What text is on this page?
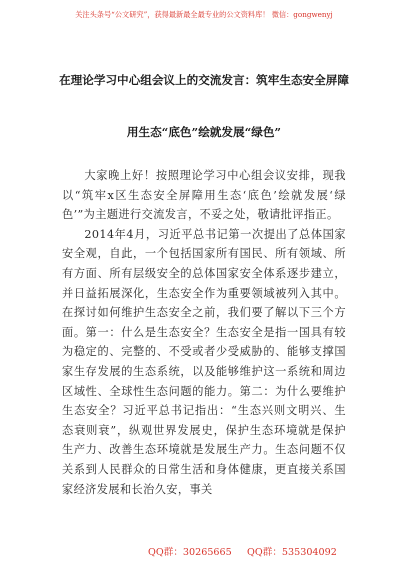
关注头条号“公文研究”，获得最新最全最专业的公文资料库！ 微信：gongwenyj
在理论学习中心组会议上的交流发言：筑牢生态安全屏障
用生态“底色”绘就发展“绿色”

大家晚上好！按照理论学习中心组会议安排，现我以“筑牢x区生态安全屏障用生态‘底色’绘就发展‘绿色’”为主题进行交流发言，不妥之处，敬请批评指正。

2014年4月，习近平总书记第一次提出了总体国家安全观，自此，一个包括国家所有国民、所有领域、所有方面、所有层级安全的总体国家安全体系逐步建立，并日益拓展深化，生态安全作为重要领域被列入其中。在探讨如何维护生态安全之前，我们要了解以下三个方面。第一：什么是生态安全？生态安全是指一国具有较为稳定的、完整的、不受或者少受威胁的、能够支撑国家生存发展的生态系统，以及能够维护这一系统和周边区域性、全球性生态问题的能力。第二：为什么要维护生态安全？习近平总书记指出：“生态兴则文明兴、生态衰则衰”，纵观世界发展史，保护生态环境就是保护生产力、改善生态环境就是发展生产力。生态问题不仅关系到人民群众的日常生活和身体健康，更直接关系国家经济发展和长治久安，事关

QQ群：30265665 QQ群：535304092
